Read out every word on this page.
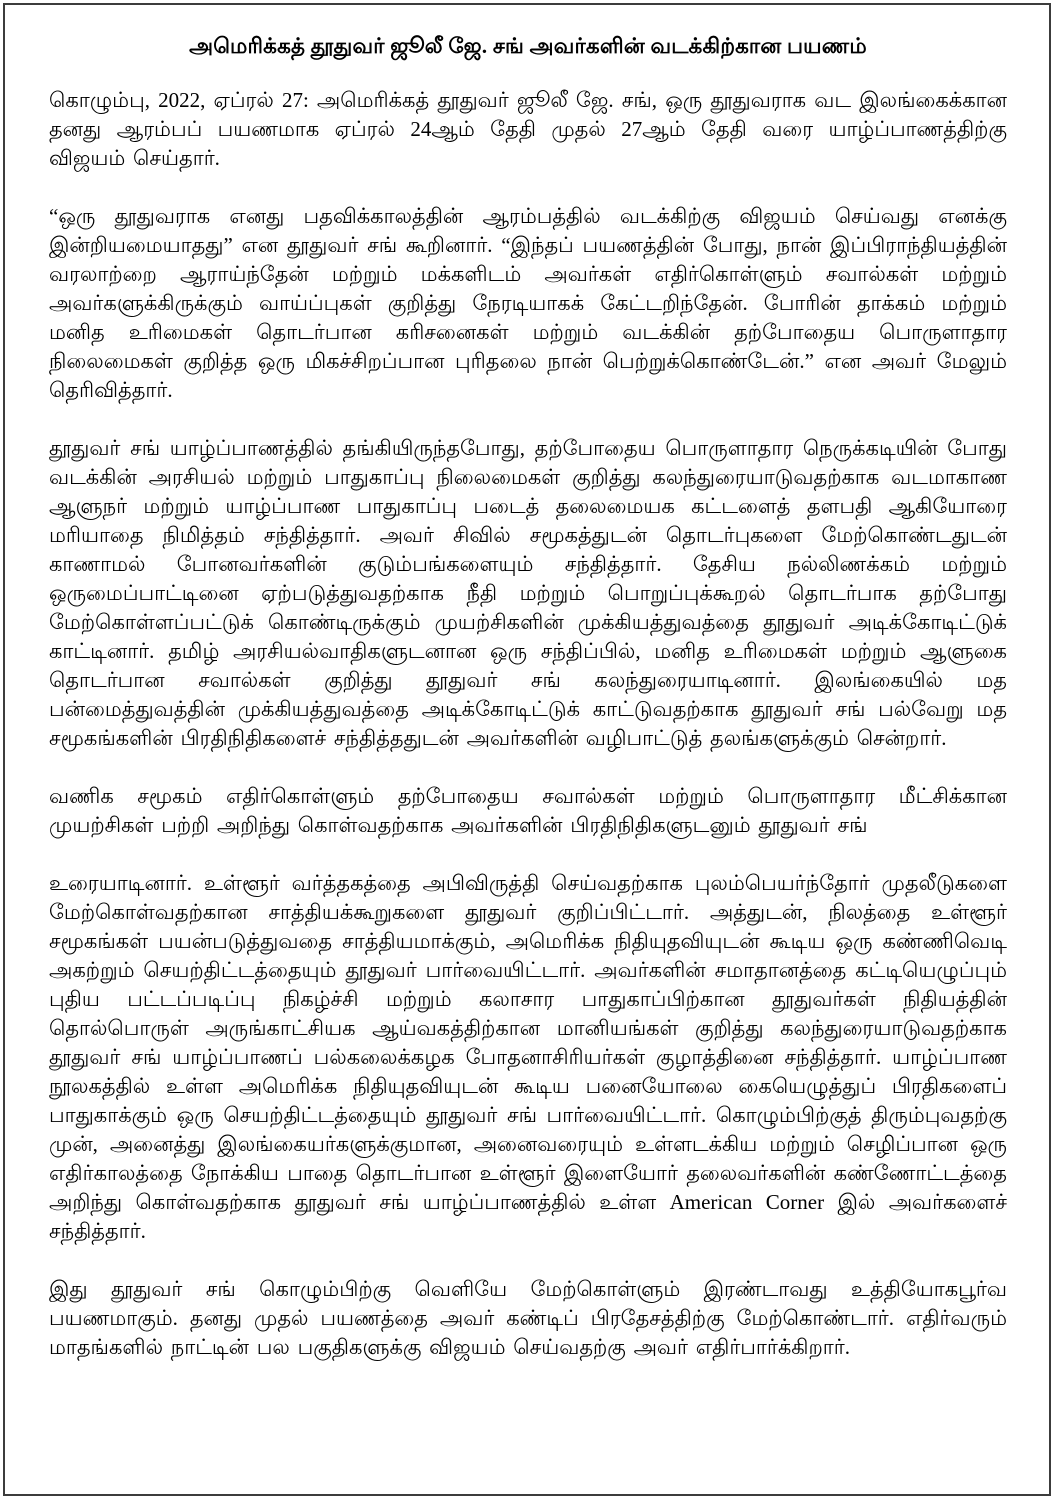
அமெரிக்கத் தூதுவர் ஜூலீ ஜே. சங் அவர்களின் வடக்கிற்கான பயணம்

கொழும்பு, 2022, ஏப்ரல் 27: அமெரிக்கத் தூதுவர் ஜூலீ ஜே. சங், ஒரு தூதுவராக வட இலங்கைக்கான தனது ஆரம்பப் பயணமாக ஏப்ரல் 24ஆம் தேதி முதல் 27ஆம் தேதி வரை யாழ்ப்பாணத்திற்கு விஜயம் செய்தார்.

“ஒரு தூதுவராக எனது பதவிக்காலத்தின் ஆரம்பத்தில் வடக்கிற்கு விஜயம் செய்வது எனக்கு இன்றியமையாதது” என தூதுவர் சங் கூறினார். “இந்தப் பயணத்தின் போது, நான் இப்பிராந்தியத்தின் வரலாற்றை ஆராய்ந்தேன் மற்றும் மக்களிடம் அவர்கள் எதிர்கொள்ளும் சவால்கள் மற்றும் அவர்களுக்கிருக்கும் வாய்ப்புகள் குறித்து நேரடியாகக் கேட்டறிந்தேன். போரின் தாக்கம் மற்றும் மனித உரிமைகள் தொடர்பான கரிசனைகள் மற்றும் வடக்கின் தற்போதைய பொருளாதார நிலைமைகள் குறித்த ஒரு மிகச்சிறப்பான புரிதலை நான் பெற்றுக்கொண்டேன்.” என அவர் மேலும் தெரிவித்தார்.

தூதுவர் சங் யாழ்ப்பாணத்தில் தங்கியிருந்தபோது, தற்போதைய பொருளாதார நெருக்கடியின் போது வடக்கின் அரசியல் மற்றும் பாதுகாப்பு நிலைமைகள் குறித்து கலந்துரையாடுவதற்காக வடமாகாண ஆளுநர் மற்றும் யாழ்ப்பாண பாதுகாப்பு படைத் தலைமையக கட்டளைத் தளபதி ஆகியோரை மரியாதை நிமித்தம் சந்தித்தார். அவர் சிவில் சமூகத்துடன் தொடர்புகளை மேற்கொண்டதுடன் காணாமல் போனவர்களின் குடும்பங்களையும் சந்தித்தார். தேசிய நல்லிணக்கம் மற்றும் ஒருமைப்பாட்டினை ஏற்படுத்துவதற்காக நீதி மற்றும் பொறுப்புக்கூறல் தொடர்பாக தற்போது மேற்கொள்ளப்பட்டுக் கொண்டிருக்கும் முயற்சிகளின் முக்கியத்துவத்தை தூதுவர் அடிக்கோடிட்டுக் காட்டினார். தமிழ் அரசியல்வாதிகளுடனான ஒரு சந்திப்பில், மனித உரிமைகள் மற்றும் ஆளுகை தொடர்பான சவால்கள் குறித்து தூதுவர் சங் கலந்துரையாடினார். இலங்கையில் மத பன்மைத்துவத்தின் முக்கியத்துவத்தை அடிக்கோடிட்டுக் காட்டுவதற்காக தூதுவர் சங் பல்வேறு மத சமூகங்களின் பிரதிநிதிகளைச் சந்தித்ததுடன் அவர்களின் வழிபாட்டுத் தலங்களுக்கும் சென்றார்.

வணிக சமூகம் எதிர்கொள்ளும் தற்போதைய சவால்கள் மற்றும் பொருளாதார மீட்சிக்கான முயற்சிகள் பற்றி அறிந்து கொள்வதற்காக அவர்களின் பிரதிநிதிகளுடனும் தூதுவர் சங்

உரையாடினார். உள்ளூர் வர்த்தகத்தை அபிவிருத்தி செய்வதற்காக புலம்பெயர்ந்தோர் முதலீடுகளை மேற்கொள்வதற்கான சாத்தியக்கூறுகளை தூதுவர் குறிப்பிட்டார். அத்துடன், நிலத்தை உள்ளூர் சமூகங்கள் பயன்படுத்துவதை சாத்தியமாக்கும், அமெரிக்க நிதியுதவியுடன் கூடிய ஒரு கண்ணிவெடி அகற்றும் செயற்திட்டத்தையும் தூதுவர் பார்வையிட்டார். அவர்களின் சமாதானத்தை கட்டியெழுப்பும் புதிய பட்டப்படிப்பு நிகழ்ச்சி மற்றும் கலாசார பாதுகாப்பிற்கான தூதுவர்கள் நிதியத்தின் தொல்பொருள் அருங்காட்சியக ஆய்வகத்திற்கான மானியங்கள் குறித்து கலந்துரையாடுவதற்காக தூதுவர் சங் யாழ்ப்பாணப் பல்கலைக்கழக போதனாசிரியர்கள் குழாத்தினை சந்தித்தார். யாழ்ப்பாண நூலகத்தில் உள்ள அமெரிக்க நிதியுதவியுடன் கூடிய பனையோலை கையெழுத்துப் பிரதிகளைப் பாதுகாக்கும் ஒரு செயற்திட்டத்தையும் தூதுவர் சங் பார்வையிட்டார். கொழும்பிற்குத் திரும்புவதற்கு முன், அனைத்து இலங்கையர்களுக்குமான, அனைவரையும் உள்ளடக்கிய மற்றும் செழிப்பான ஒரு எதிர்காலத்தை நோக்கிய பாதை தொடர்பான உள்ளூர் இளையோர் தலைவர்களின் கண்ணோட்டத்தை அறிந்து கொள்வதற்காக தூதுவர் சங் யாழ்ப்பாணத்தில் உள்ள American Corner இல் அவர்களைச் சந்தித்தார்.

இது தூதுவர் சங் கொழும்பிற்கு வெளியே மேற்கொள்ளும் இரண்டாவது உத்தியோகபூர்வ பயணமாகும். தனது முதல் பயணத்தை அவர் கண்டிப் பிரதேசத்திற்கு மேற்கொண்டார். எதிர்வரும் மாதங்களில் நாட்டின் பல பகுதிகளுக்கு விஜயம் செய்வதற்கு அவர் எதிர்பார்க்கிறார்.
